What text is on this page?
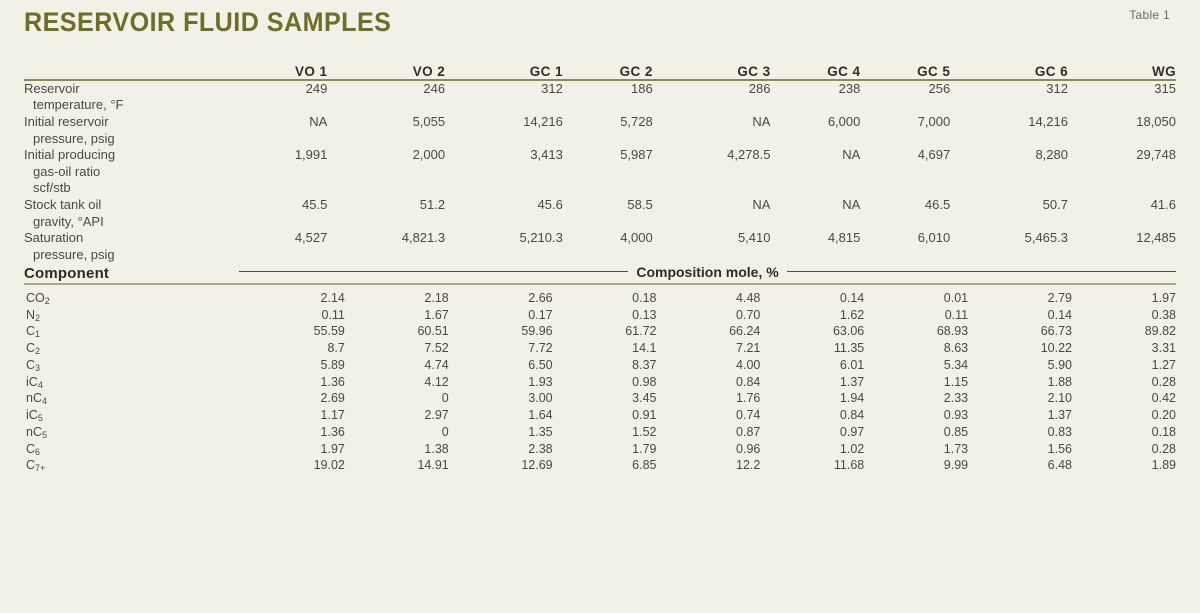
Table 1
RESERVOIR FLUID SAMPLES
	VO 1	VO 2	GC 1	GC 2	GC 3	GC 4	GC 5	GC 6	WG

Reservoir
temperature, °F	249	246	312	186	286	238	256	312	315
Initial reservoir
pressure, psig	NA	5,055	14,216	5,728	NA	6,000	7,000	14,216	18,050
Initial producing
gas-oil ratio
scf/stb	1,991	2,000	3,413	5,987	4,278.5	NA	4,697	8,280	29,748
Stock tank oil
gravity, °API	45.5	51.2	45.6	58.5	NA	NA	46.5	50.7	41.6
Saturation
pressure, psig	4,527	4,821.3	5,210.3	4,000	5,410	4,815	6,010	5,465.3	12,485
Component	Composition mole, %								

$CO_2$	2.14	2.18	2.66	0.18	4.48	0.14	0.01	2.79	1.97
$N_2$	0.11	1.67	0.17	0.13	0.70	1.62	0.11	0.14	0.38
$C_1$	55.59	60.51	59.96	61.72	66.24	63.06	68.93	66.73	89.82
$C_2$	8.7	7.52	7.72	14.1	7.21	11.35	8.63	10.22	3.31
$C_3$	5.89	4.74	6.50	8.37	4.00	6.01	5.34	5.90	1.27
$iC_4$	1.36	4.12	1.93	0.98	0.84	1.37	1.15	1.88	0.28
$nC_4$	2.69	0	3.00	3.45	1.76	1.94	2.33	2.10	0.42
$iC_5$	1.17	2.97	1.64	0.91	0.74	0.84	0.93	1.37	0.20
$nC_5$	1.36	0	1.35	1.52	0.87	0.97	0.85	0.83	0.18
$C_6$	1.97	1.38	2.38	1.79	0.96	1.02	1.73	1.56	0.28
$C_{7+}$	19.02	14.91	12.69	6.85	12.2	11.68	9.99	6.48	1.89
